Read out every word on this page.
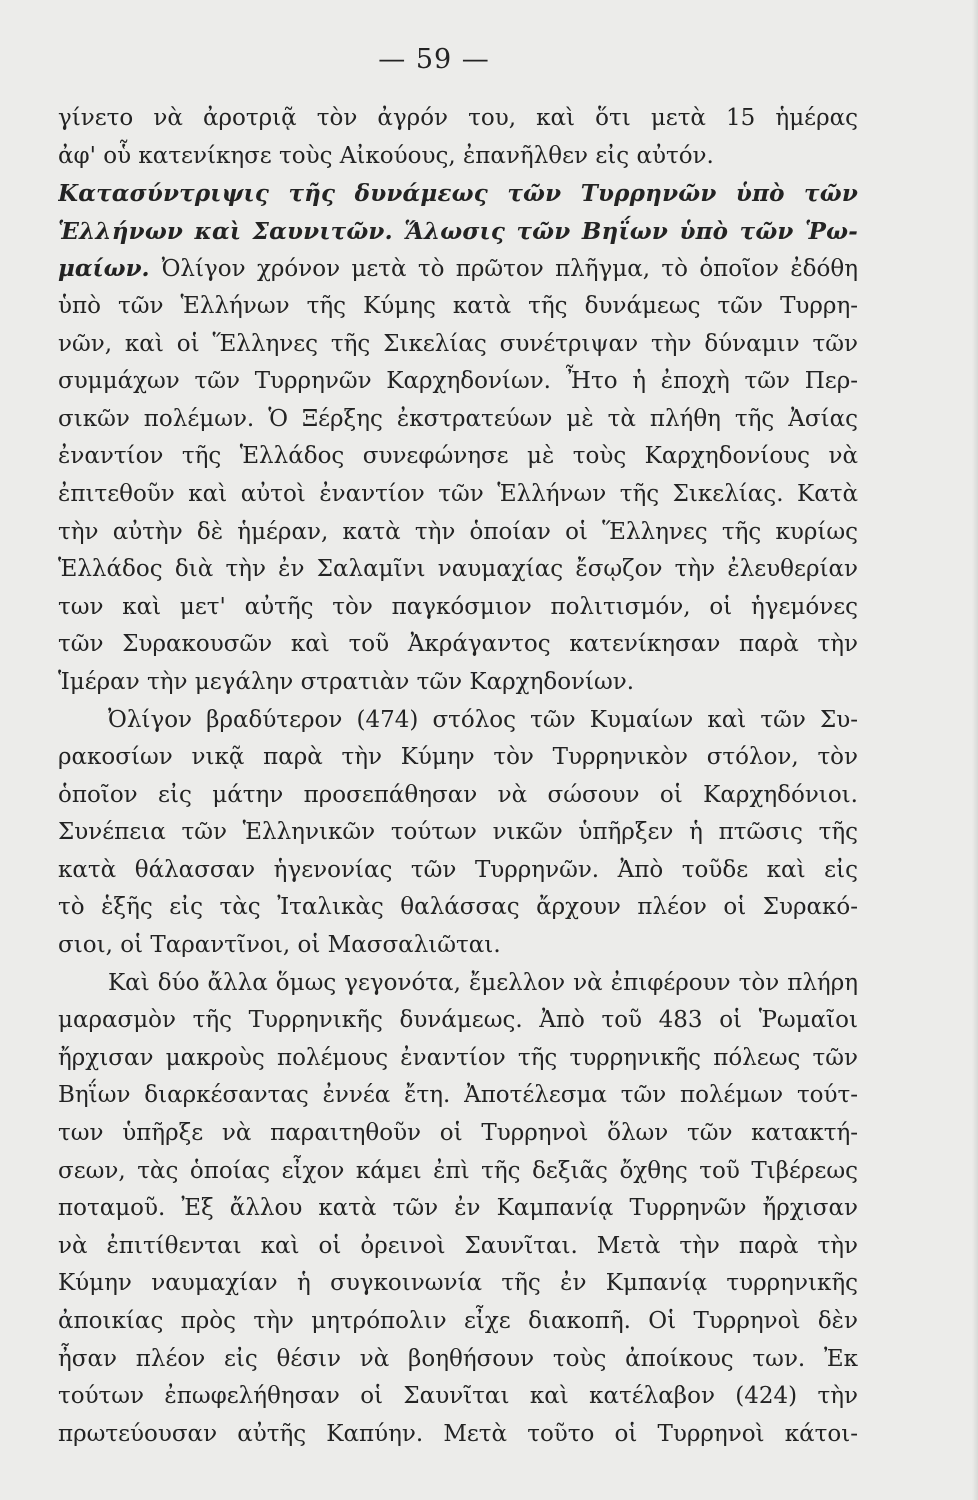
— 59 —
γίνετο νὰ ἀροτριᾷ τὸν ἀγρόν του, καὶ ὅτι μετὰ 15 ἡμέρας
ἀφ' οὗ κατενίκησε τοὺς Αἰκούους, ἐπανῆλθεν εἰς αὐτόν.
Κατασύντριψις τῆς δυνάμεως τῶν Τυρρηνῶν ὑπὸ τῶν
Ἑλλήνων καὶ Σαυνιτῶν. Ἅλωσις τῶν Βηΐων ὑπὸ τῶν Ῥω-
μαίων. Ὀλίγον χρόνον μετὰ τὸ πρῶτον πλῆγμα, τὸ ὁποῖον ἐδόθη
ὑπὸ τῶν Ἑλλήνων τῆς Κύμης κατὰ τῆς δυνάμεως τῶν Τυρρη-
νῶν, καὶ οἱ Ἕλληνες τῆς Σικελίας συνέτριψαν τὴν δύναμιν τῶν
συμμάχων τῶν Τυρρηνῶν Καρχηδονίων. Ἦτο ἡ ἐποχὴ τῶν Περ-
σικῶν πολέμων. Ὁ Ξέρξης ἐκστρατεύων μὲ τὰ πλήθη τῆς Ἀσίας
ἐναντίον τῆς Ἑλλάδος συνεφώνησε μὲ τοὺς Καρχηδονίους νὰ
ἐπιτεθοῦν καὶ αὐτοὶ ἐναντίον τῶν Ἑλλήνων τῆς Σικελίας. Κατὰ
τὴν αὐτὴν δὲ ἡμέραν, κατὰ τὴν ὁποίαν οἱ Ἕλληνες τῆς κυρίως
Ἑλλάδος διὰ τὴν ἐν Σαλαμῖνι ναυμαχίας ἔσῳζον τὴν ἐλευθερίαν
των καὶ μετ' αὐτῆς τὸν παγκόσμιον πολιτισμόν, οἱ ἡγεμόνες
τῶν Συρακουσῶν καὶ τοῦ Ἀκράγαντος κατενίκησαν παρὰ τὴν
Ἱμέραν τὴν μεγάλην στρατιὰν τῶν Καρχηδονίων.
Ὀλίγον βραδύτερον (474) στόλος τῶν Κυμαίων καὶ τῶν Συ-
ρακοσίων νικᾷ παρὰ τὴν Κύμην τὸν Τυρρηνικὸν στόλον, τὸν
ὁποῖον εἰς μάτην προσεπάθησαν νὰ σώσουν οἱ Καρχηδόνιοι.
Συνέπεια τῶν Ἑλληνικῶν τούτων νικῶν ὑπῆρξεν ἡ πτῶσις τῆς
κατὰ θάλασσαν ἡγενονίας τῶν Τυρρηνῶν. Ἀπὸ τοῦδε καὶ εἰς
τὸ ἑξῆς εἰς τὰς Ἰταλικὰς θαλάσσας ἄρχουν πλέον οἱ Συρακό-
σιοι, οἱ Ταραντῖνοι, οἱ Μασσαλιῶται.
Καὶ δύο ἄλλα ὅμως γεγονότα, ἔμελλον νὰ ἐπιφέρουν τὸν πλήρη
μαρασμὸν τῆς Τυρρηνικῆς δυνάμεως. Ἀπὸ τοῦ 483 οἱ Ῥωμαῖοι
ἤρχισαν μακροὺς πολέμους ἐναντίον τῆς τυρρηνικῆς πόλεως τῶν
Βηΐων διαρκέσαντας ἐννέα ἔτη. Ἀποτέλεσμα τῶν πολέμων τούτ-
των ὑπῆρξε νὰ παραιτηθοῦν οἱ Τυρρηνοὶ ὅλων τῶν κατακτή-
σεων, τὰς ὁποίας εἶχον κάμει ἐπὶ τῆς δεξιᾶς ὄχθης τοῦ Τιβέρεως
ποταμοῦ. Ἐξ ἄλλου κατὰ τῶν ἐν Καμπανίᾳ Τυρρηνῶν ἤρχισαν
νὰ ἐπιτίθενται καὶ οἱ ὀρεινοὶ Σαυνῖται. Μετὰ τὴν παρὰ τὴν
Κύμην ναυμαχίαν ἡ συγκοινωνία τῆς ἐν Κμπανίᾳ τυρρηνικῆς
ἀποικίας πρὸς τὴν μητρόπολιν εἶχε διακοπῆ. Οἱ Τυρρηνοὶ δὲν
ἦσαν πλέον εἰς θέσιν νὰ βοηθήσουν τοὺς ἀποίκους των. Ἐκ
τούτων ἐπωφελήθησαν οἱ Σαυνῖται καὶ κατέλαβον (424) τὴν
πρωτεύουσαν αὐτῆς Καπύην. Μετὰ τοῦτο οἱ Τυρρηνοὶ κάτοι-
